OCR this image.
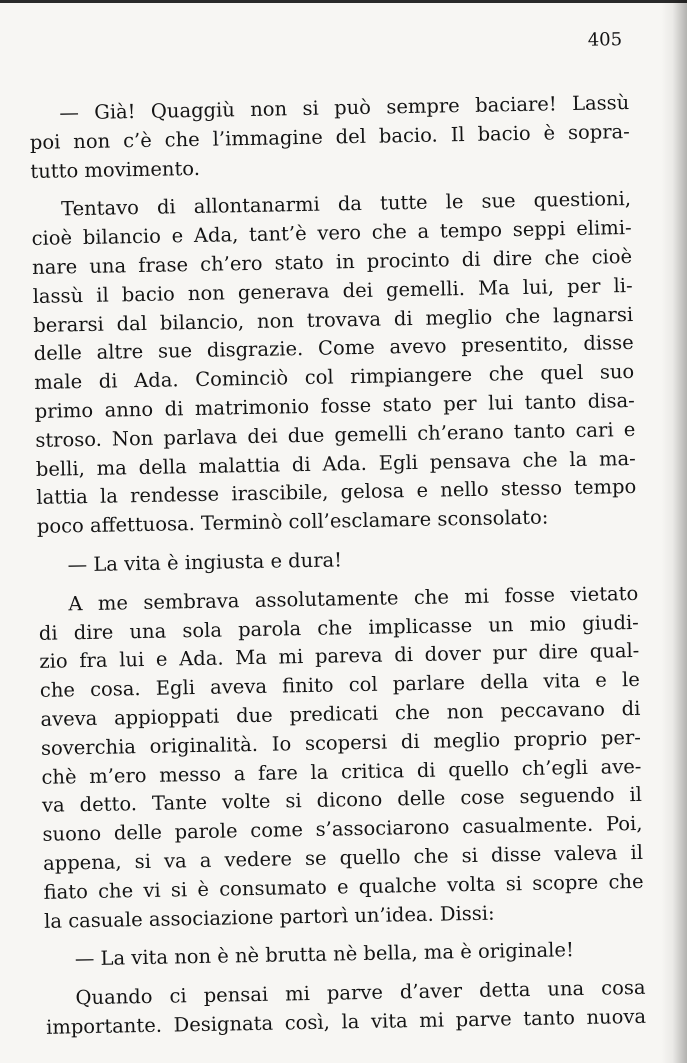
405
— Già! Quaggiù non si può sempre baciare! Lassù
poi non c’è che l’immagine del bacio. Il bacio è sopra-
tutto movimento.
Tentavo di allontanarmi da tutte le sue questioni,
cioè bilancio e Ada, tant’è vero che a tempo seppi elimi-
nare una frase ch’ero stato in procinto di dire che cioè
lassù il bacio non generava dei gemelli. Ma lui, per li-
berarsi dal bilancio, non trovava di meglio che lagnarsi
delle altre sue disgrazie. Come avevo presentito, disse
male di Ada. Cominciò col rimpiangere che quel suo
primo anno di matrimonio fosse stato per lui tanto disa-
stroso. Non parlava dei due gemelli ch’erano tanto cari e
belli, ma della malattia di Ada. Egli pensava che la ma-
lattia la rendesse irascibile, gelosa e nello stesso tempo
poco affettuosa. Terminò coll’esclamare sconsolato:
— La vita è ingiusta e dura!
A me sembrava assolutamente che mi fosse vietato
di dire una sola parola che implicasse un mio giudi-
zio fra lui e Ada. Ma mi pareva di dover pur dire qual-
che cosa. Egli aveva finito col parlare della vita e le
aveva appioppati due predicati che non peccavano di
soverchia originalità. Io scopersi di meglio proprio per-
chè m’ero messo a fare la critica di quello ch’egli ave-
va detto. Tante volte si dicono delle cose seguendo il
suono delle parole come s’associarono casualmente. Poi,
appena, si va a vedere se quello che si disse valeva il
fiato che vi si è consumato e qualche volta si scopre che
la casuale associazione partorì un’idea. Dissi:
— La vita non è nè brutta nè bella, ma è originale!
Quando ci pensai mi parve d’aver detta una cosa
importante. Designata così, la vita mi parve tanto nuova
